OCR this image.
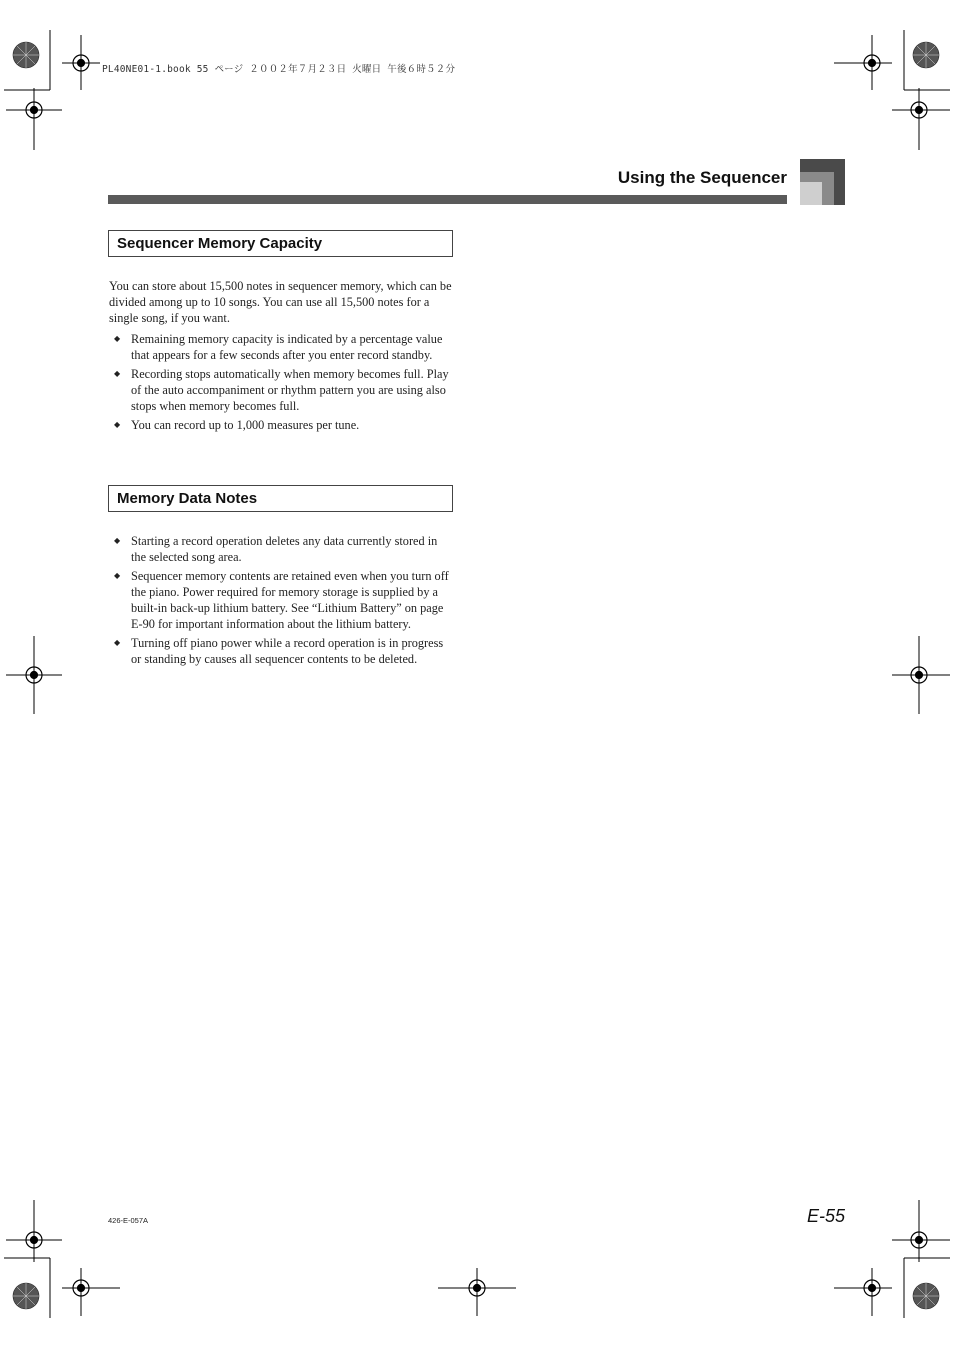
PL40NE01-1.book 55 ページ ２００２年７月２３日 火曜日 午後６時５２分
Using the Sequencer
Sequencer Memory Capacity
You can store about 15,500 notes in sequencer memory, which can be divided among up to 10 songs. You can use all 15,500 notes for a single song, if you want.
◆ Remaining memory capacity is indicated by a percentage value that appears for a few seconds after you enter record standby.
◆ Recording stops automatically when memory becomes full. Play of the auto accompaniment or rhythm pattern you are using also stops when memory becomes full.
◆ You can record up to 1,000 measures per tune.
Memory Data Notes
◆ Starting a record operation deletes any data currently stored in the selected song area.
◆ Sequencer memory contents are retained even when you turn off the piano. Power required for memory storage is supplied by a built-in back-up lithium battery. See “Lithium Battery” on page E-90 for important information about the lithium battery.
◆ Turning off piano power while a record operation is in progress or standing by causes all sequencer contents to be deleted.
426-E-057A	E-55
